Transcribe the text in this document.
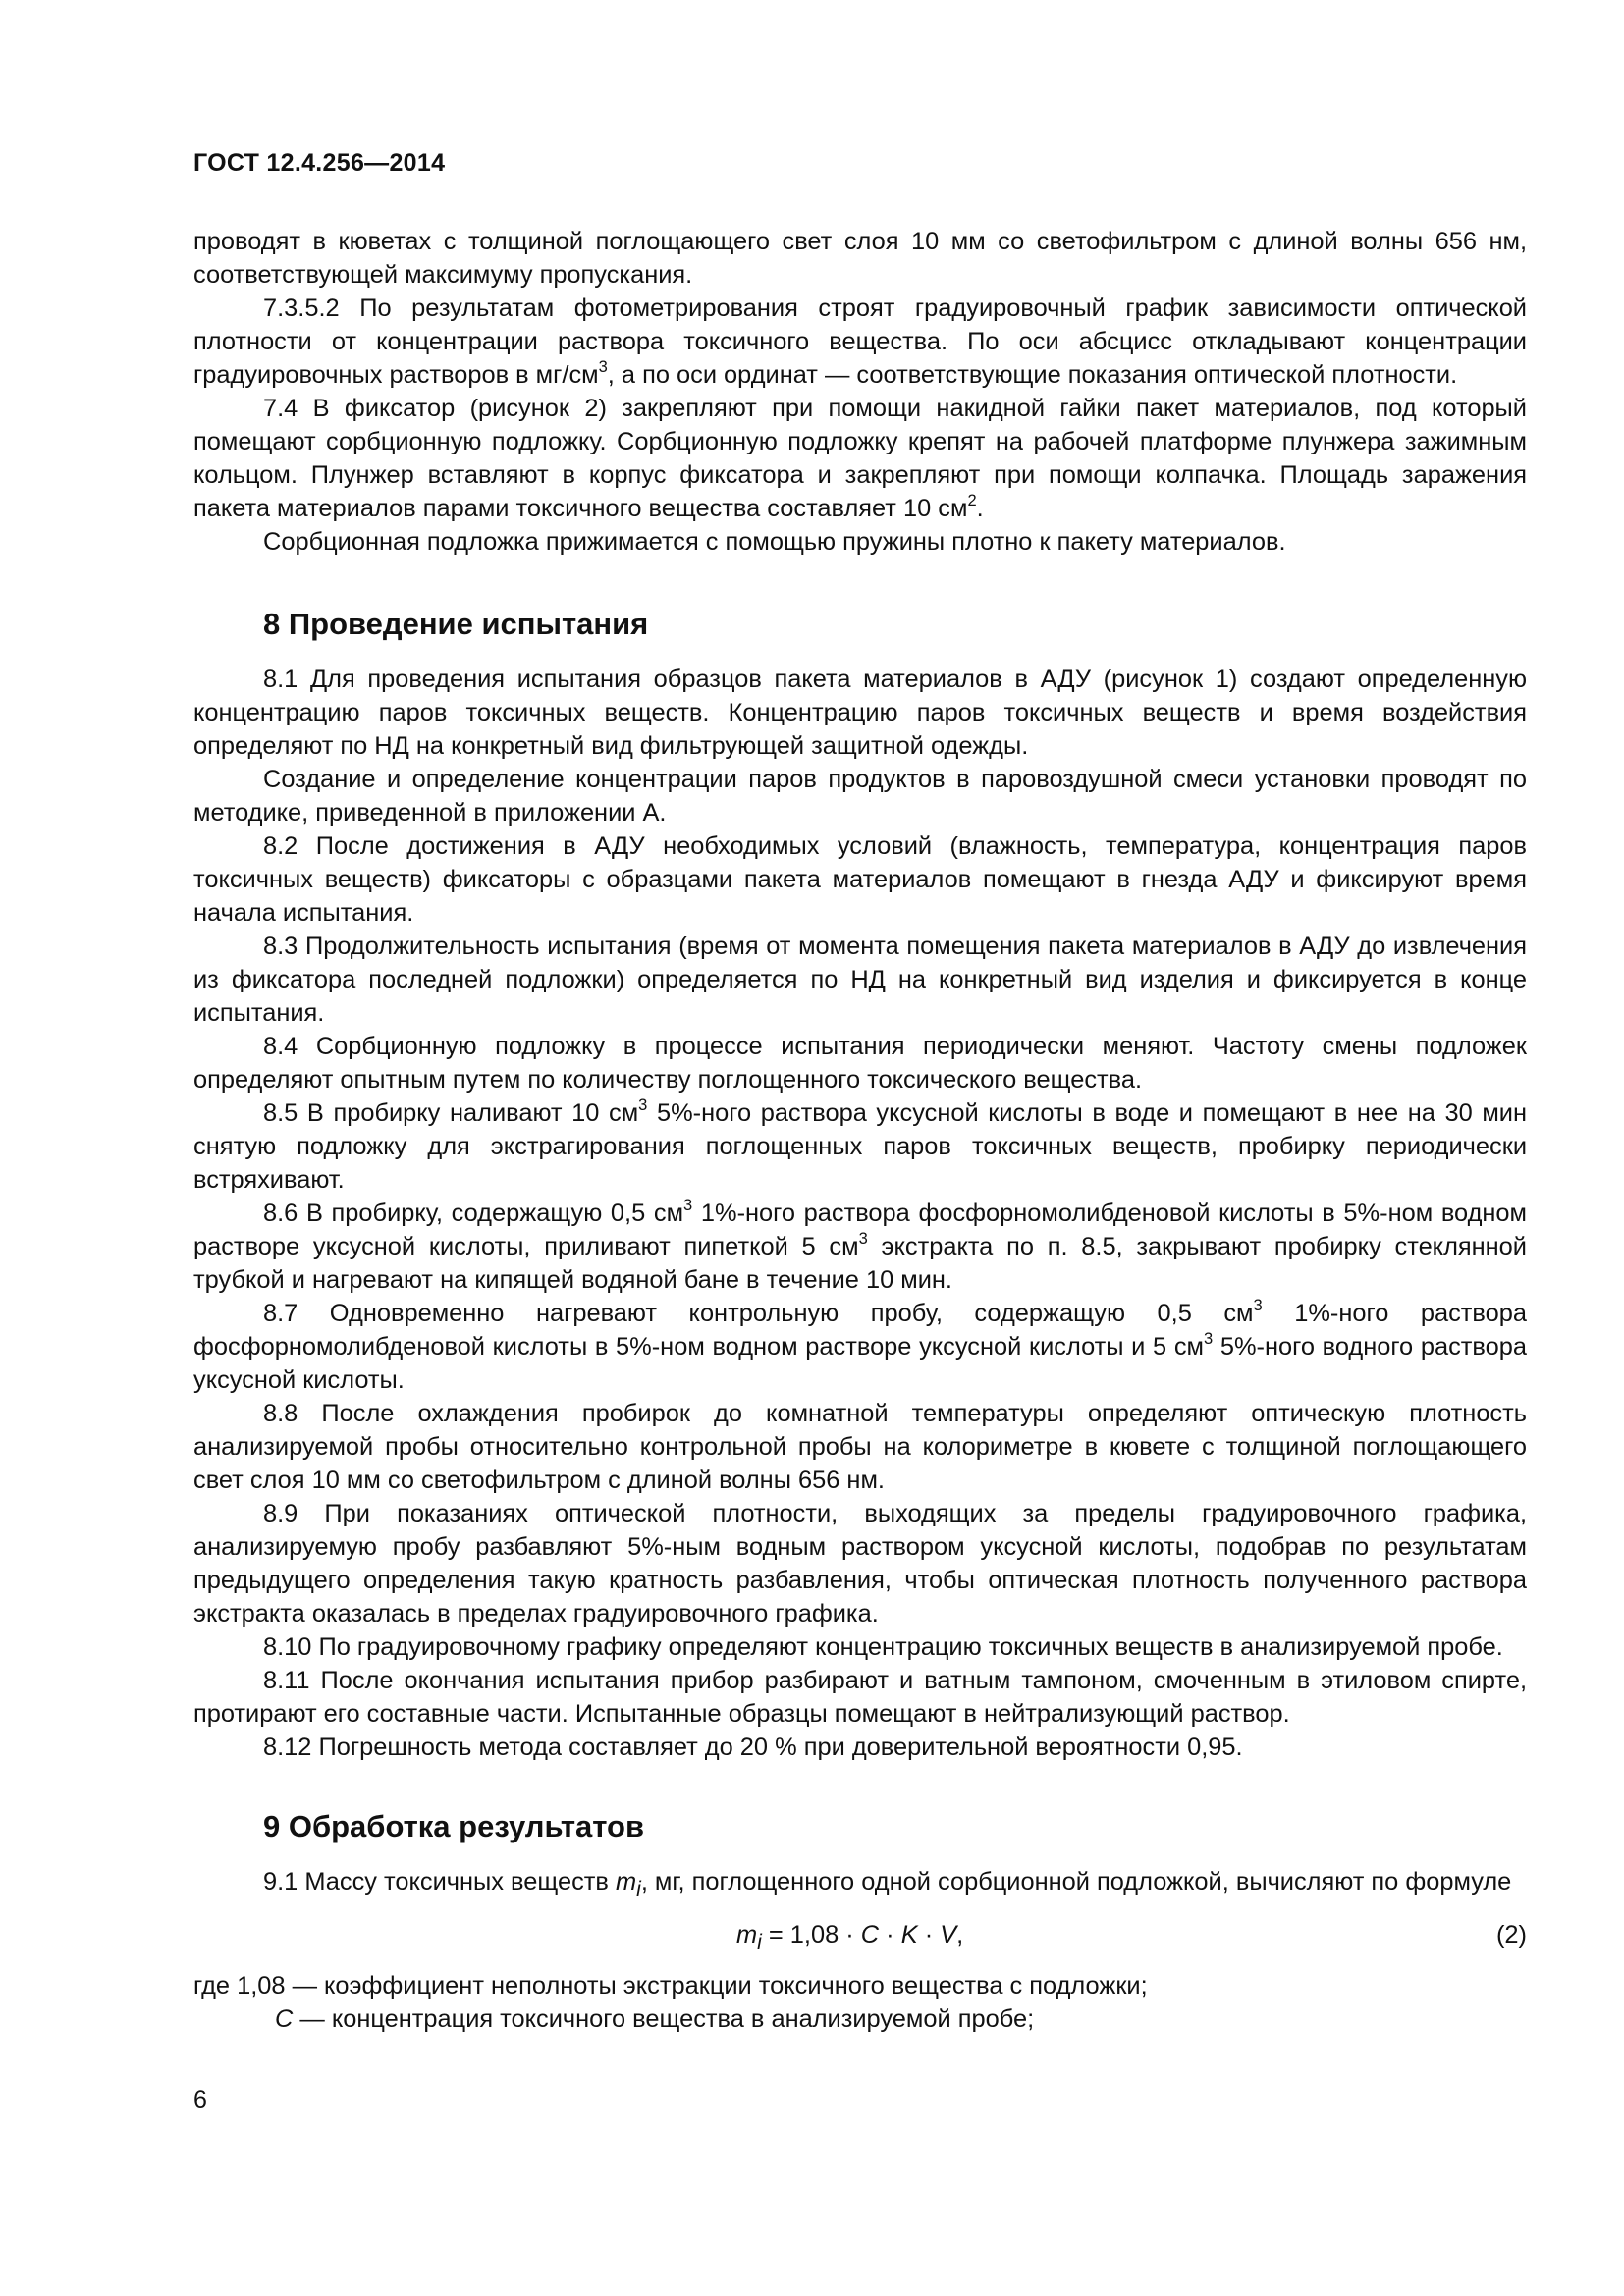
ГОСТ 12.4.256—2014

проводят в кюветах с толщиной поглощающего свет слоя 10 мм со светофильтром с длиной волны 656 нм, соответствующей максимуму пропускания.

7.3.5.2 По результатам фотометрирования строят градуировочный график зависимости оптической плотности от концентрации раствора токсичного вещества. По оси абсцисс откладывают концентрации градуировочных растворов в $мг/см^3$, а по оси ординат — соответствующие показания оптической плотности.

7.4 В фиксатор (рисунок 2) закрепляют при помощи накидной гайки пакет материалов, под который помещают сорбционную подложку. Сорбционную подложку крепят на рабочей платформе плунжера зажимным кольцом. Плунжер вставляют в корпус фиксатора и закрепляют при помощи колпачка. Площадь заражения пакета материалов парами токсичного вещества составляет 10 $см^2$.

Сорбционная подложка прижимается с помощью пружины плотно к пакету материалов.

8 Проведение испытания

8.1 Для проведения испытания образцов пакета материалов в АДУ (рисунок 1) создают определенную концентрацию паров токсичных веществ. Концентрацию паров токсичных веществ и время воздействия определяют по НД на конкретный вид фильтрующей защитной одежды.

Создание и определение концентрации паров продуктов в паровоздушной смеси установки проводят по методике, приведенной в приложении А.

8.2 После достижения в АДУ необходимых условий (влажность, температура, концентрация паров токсичных веществ) фиксаторы с образцами пакета материалов помещают в гнезда АДУ и фиксируют время начала испытания.

8.3 Продолжительность испытания (время от момента помещения пакета материалов в АДУ до извлечения из фиксатора последней подложки) определяется по НД на конкретный вид изделия и фиксируется в конце испытания.

8.4 Сорбционную подложку в процессе испытания периодически меняют. Частоту смены подложек определяют опытным путем по количеству поглощенного токсического вещества.

8.5 В пробирку наливают 10 $см^3$ 5%-ного раствора уксусной кислоты в воде и помещают в нее на 30 мин снятую подложку для экстрагирования поглощенных паров токсичных веществ, пробирку периодически встряхивают.

8.6 В пробирку, содержащую 0,5 $см^3$ 1%-ного раствора фосфорномолибденовой кислоты в 5%-ном водном растворе уксусной кислоты, приливают пипеткой 5 $см^3$ экстракта по п. 8.5, закрывают пробирку стеклянной трубкой и нагревают на кипящей водяной бане в течение 10 мин.

8.7 Одновременно нагревают контрольную пробу, содержащую 0,5 $см^3$ 1%-ного раствора фосфорномолибденовой кислоты в 5%-ном водном растворе уксусной кислоты и 5 $см^3$ 5%-ного водного раствора уксусной кислоты.

8.8 После охлаждения пробирок до комнатной температуры определяют оптическую плотность анализируемой пробы относительно контрольной пробы на колориметре в кювете с толщиной поглощающего свет слоя 10 мм со светофильтром с длиной волны 656 нм.

8.9 При показаниях оптической плотности, выходящих за пределы градуировочного графика, анализируемую пробу разбавляют 5%-ным водным раствором уксусной кислоты, подобрав по результатам предыдущего определения такую кратность разбавления, чтобы оптическая плотность полученного раствора экстракта оказалась в пределах градуировочного графика.

8.10 По градуировочному графику определяют концентрацию токсичных веществ в анализируемой пробе.

8.11 После окончания испытания прибор разбирают и ватным тампоном, смоченным в этиловом спирте, протирают его составные части. Испытанные образцы помещают в нейтрализующий раствор.

8.12 Погрешность метода составляет до 20 % при доверительной вероятности 0,95.

9 Обработка результатов

9.1 Массу токсичных веществ $m_i$, мг, поглощенного одной сорбционной подложкой, вычисляют по формуле

$m_i = 1,08 \cdot C \cdot K \cdot V$,	(2)

где 1,08 — коэффициент неполноты экстракции токсичного вещества с подложки;

C — концентрация токсичного вещества в анализируемой пробе;

6
